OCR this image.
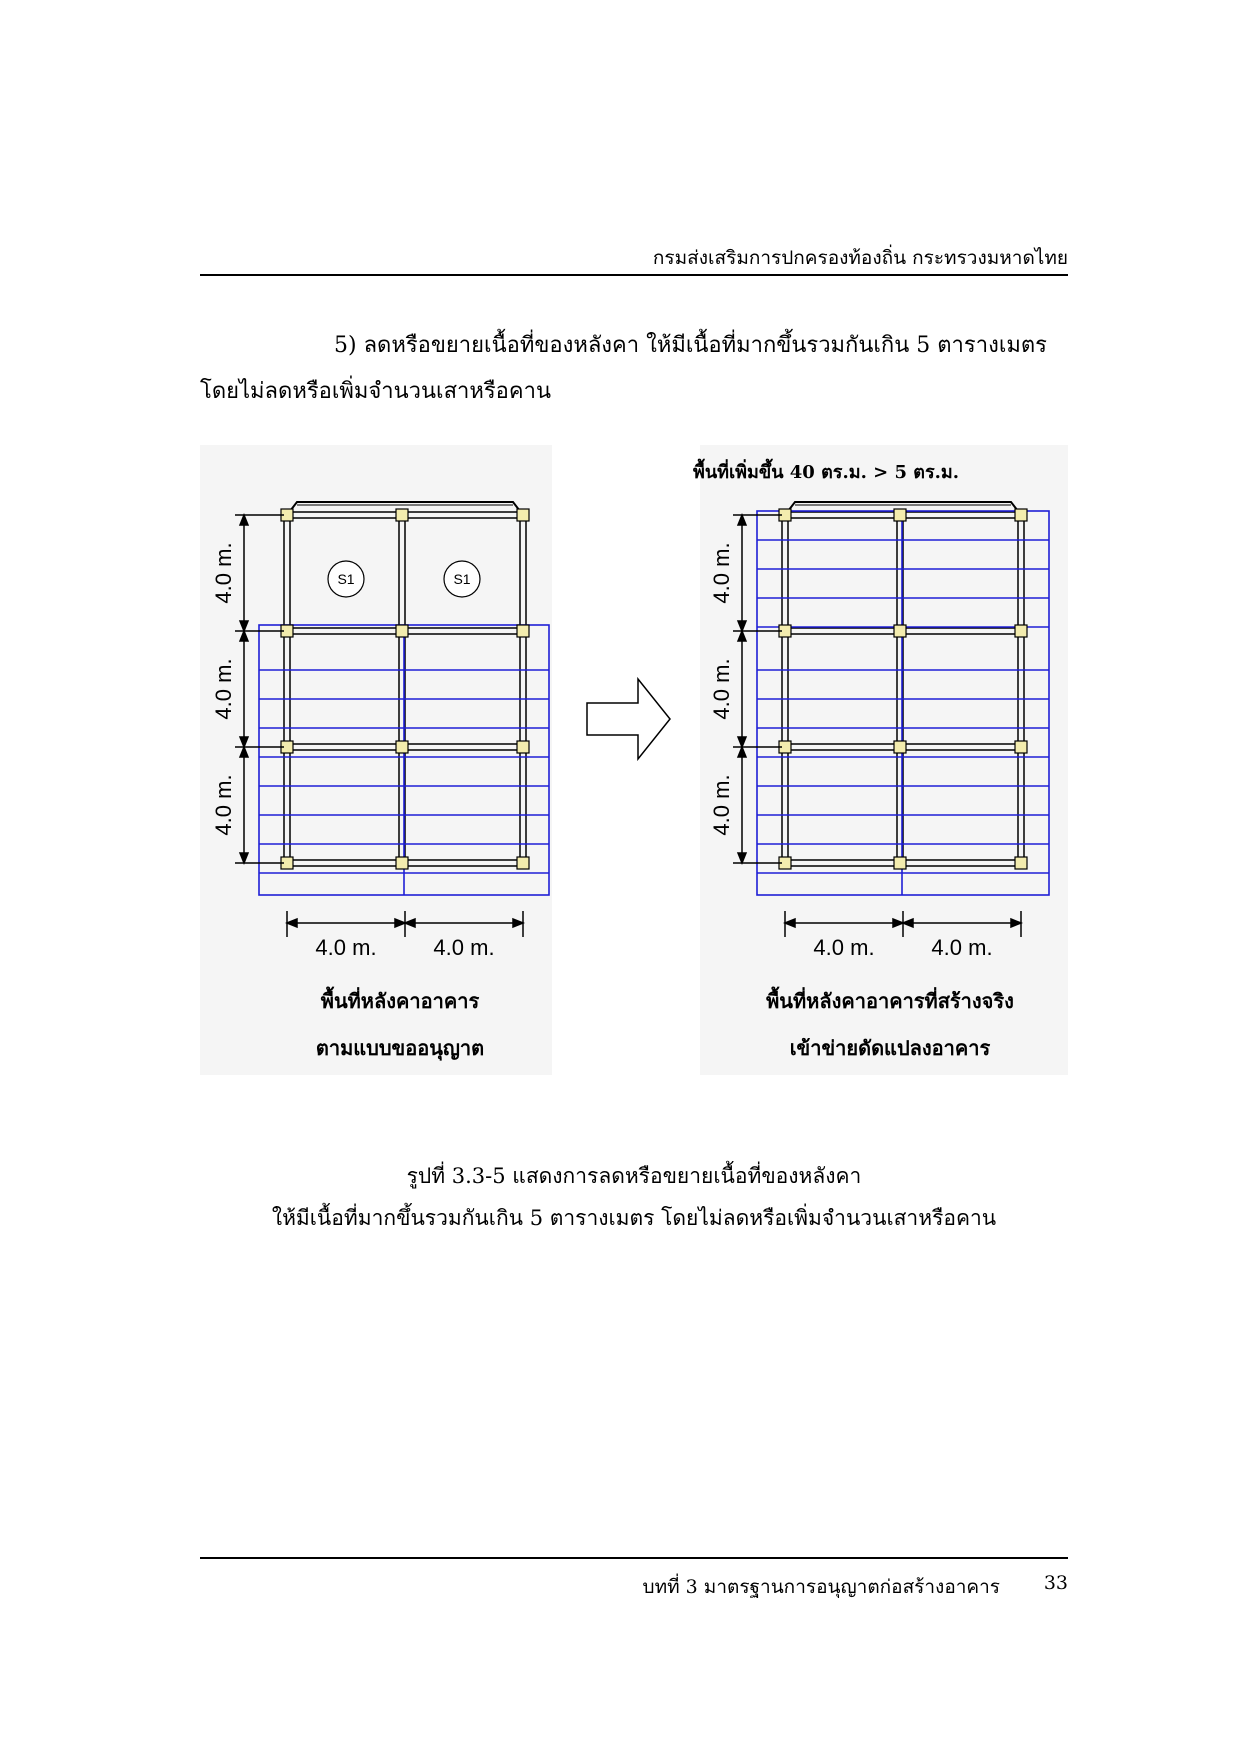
กรมส่งเสริมการปกครองท้องถิ่น กระทรวงมหาดไทย
5) ลดหรือขยายเนื้อที่ของหลังคา ให้มีเนื้อที่มากขึ้นรวมกันเกิน 5 ตารางเมตร
โดยไม่ลดหรือเพิ่มจำนวนเสาหรือคาน
S1	S1
4.0 m.
4.0 m.
4.0 m.
4.0 m.	4.0 m.
พื้นที่หลังคาอาคาร
ตามแบบขออนุญาต
พื้นที่เพิ่มขึ้น 40 ตร.ม. > 5 ตร.ม.
4.0 m.
4.0 m.
4.0 m.
4.0 m.	4.0 m.
พื้นที่หลังคาอาคารที่สร้างจริง
เข้าข่ายดัดแปลงอาคาร
รูปที่ 3.3-5 แสดงการลดหรือขยายเนื้อที่ของหลังคา
ให้มีเนื้อที่มากขึ้นรวมกันเกิน 5 ตารางเมตร โดยไม่ลดหรือเพิ่มจำนวนเสาหรือคาน
บทที่ 3 มาตรฐานการอนุญาตก่อสร้างอาคาร	33
